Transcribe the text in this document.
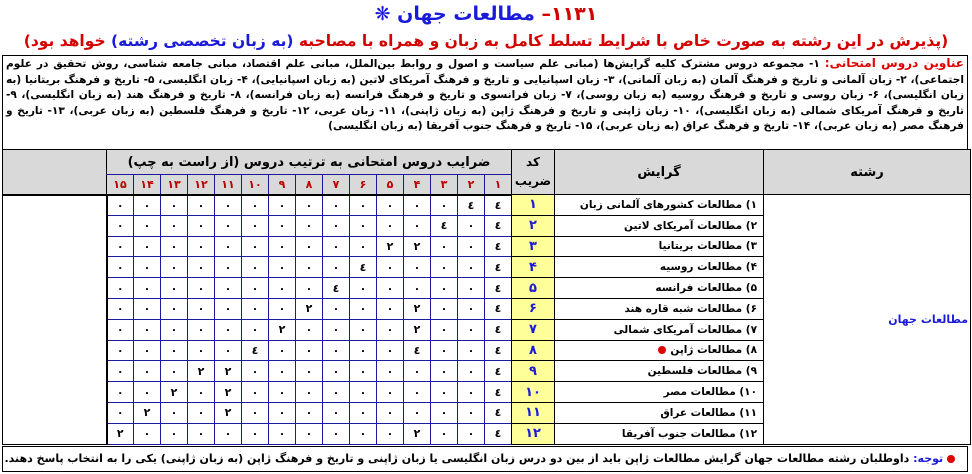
۱۱۳۱– مطالعات جهان ❋
(پذیرش در این رشته به صورت خاص با شرایط تسلط کامل به زبان و همراه با مصاحبه (به زبان تخصصی رشته) خواهد بود)
عناوین دروس امتحانی: ۱- مجموعه دروس مشترک کلیه گرایش‌ها (مبانی علم سیاست و اصول و روابط بین‌الملل، مبانی علم اقتصاد، مبانی جامعه شناسی، روش تحقیق در علوم اجتماعی)، ۲- زبان آلمانی و تاریخ و فرهنگ آلمان (به زبان آلمانی)، ۳- زبان اسپانیایی و تاریخ و فرهنگ آمریکای لاتین (به زبان اسپانیایی)، ۴- زبان انگلیسی، ۵- تاریخ و فرهنگ بریتانیا (به زبان انگلیسی)، ۶- زبان روسی و تاریخ و فرهنگ روسیه (به زبان روسی)، ۷- زبان فرانسوی و تاریخ و فرهنگ فرانسه (به زبان فرانسه)، ۸- تاریخ و فرهنگ هند (به زبان انگلیسی)، ۹- تاریخ و فرهنگ آمریکای شمالی (به زبان انگلیسی)، ۱۰- زبان ژاپنی و تاریخ و فرهنگ ژاپن (به زبان ژاپنی)، ۱۱- زبان عربی، ۱۲- تاریخ و فرهنگ فلسطین (به زبان عربی)، ۱۳- تاریخ و فرهنگ مصر (به زبان عربی)، ۱۴- تاریخ و فرهنگ عراق (به زبان عربی)، ۱۵- تاریخ و فرهنگ جنوب آفریقا (به زبان انگلیسی)
رشته	گرایش	کد ضریب	ضرایب دروس امتحانی به ترتیب دروس (از راست به چپ)															
			۱	۲	۳	۴	۵	۶	۷	۸	۹	۱۰	۱۱	۱۲	۱۳	۱۴	۱۵	
مطالعات جهان	۱) مطالعات کشورهای آلمانی زبان	۱	٤	٤	۰	۰	۰	۰	۰	۰	۰	۰	۰	۰	۰	۰	۰	
	۲) مطالعات آمریکای لاتین	۲	٤	۰	٤	۰	۰	۰	۰	۰	۰	۰	۰	۰	۰	۰	۰	
	۳) مطالعات بریتانیا	۳	٤	۰	۰	۲	۲	۰	۰	۰	۰	۰	۰	۰	۰	۰	۰	
	۴) مطالعات روسیه	۴	٤	۰	۰	۰	۰	٤	۰	۰	۰	۰	۰	۰	۰	۰	۰	
	۵) مطالعات فرانسه	۵	٤	۰	۰	۰	۰	۰	٤	۰	۰	۰	۰	۰	۰	۰	۰	
	۶) مطالعات شبه قاره هند	۶	٤	۰	۰	۲	۰	۰	۰	۲	۰	۰	۰	۰	۰	۰	۰	
	۷) مطالعات آمریکای شمالی	۷	٤	۰	۰	۲	۰	۰	۰	۰	۲	۰	۰	۰	۰	۰	۰	
	۸) مطالعات ژاپن	۸	٤	۰	۰	٤	۰	۰	۰	۰	۰	٤	۰	۰	۰	۰	۰	
	۹) مطالعات فلسطین	۹	٤	۰	۰	۰	۰	۰	۰	۰	۰	۰	۲	۲	۰	۰	۰	
	۱۰) مطالعات مصر	۱۰	٤	۰	۰	۰	۰	۰	۰	۰	۰	۰	۲	۰	۲	۰	۰	
	۱۱) مطالعات عراق	۱۱	٤	۰	۰	۰	۰	۰	۰	۰	۰	۰	۲	۰	۰	۲	۰	
	۱۲) مطالعات جنوب آفریقا	۱۲	٤	۰	۰	۲	۰	۰	۰	۰	۰	۰	۰	۰	۰	۰	۲	
توجه: داوطلبان رشته مطالعات جهان گرایش مطالعات ژاپن باید از بین دو درس زبان انگلیسی یا زبان ژاپنی و تاریخ و فرهنگ ژاپن (به زبان ژاپنی) یکی را به انتخاب پاسخ دهند.
